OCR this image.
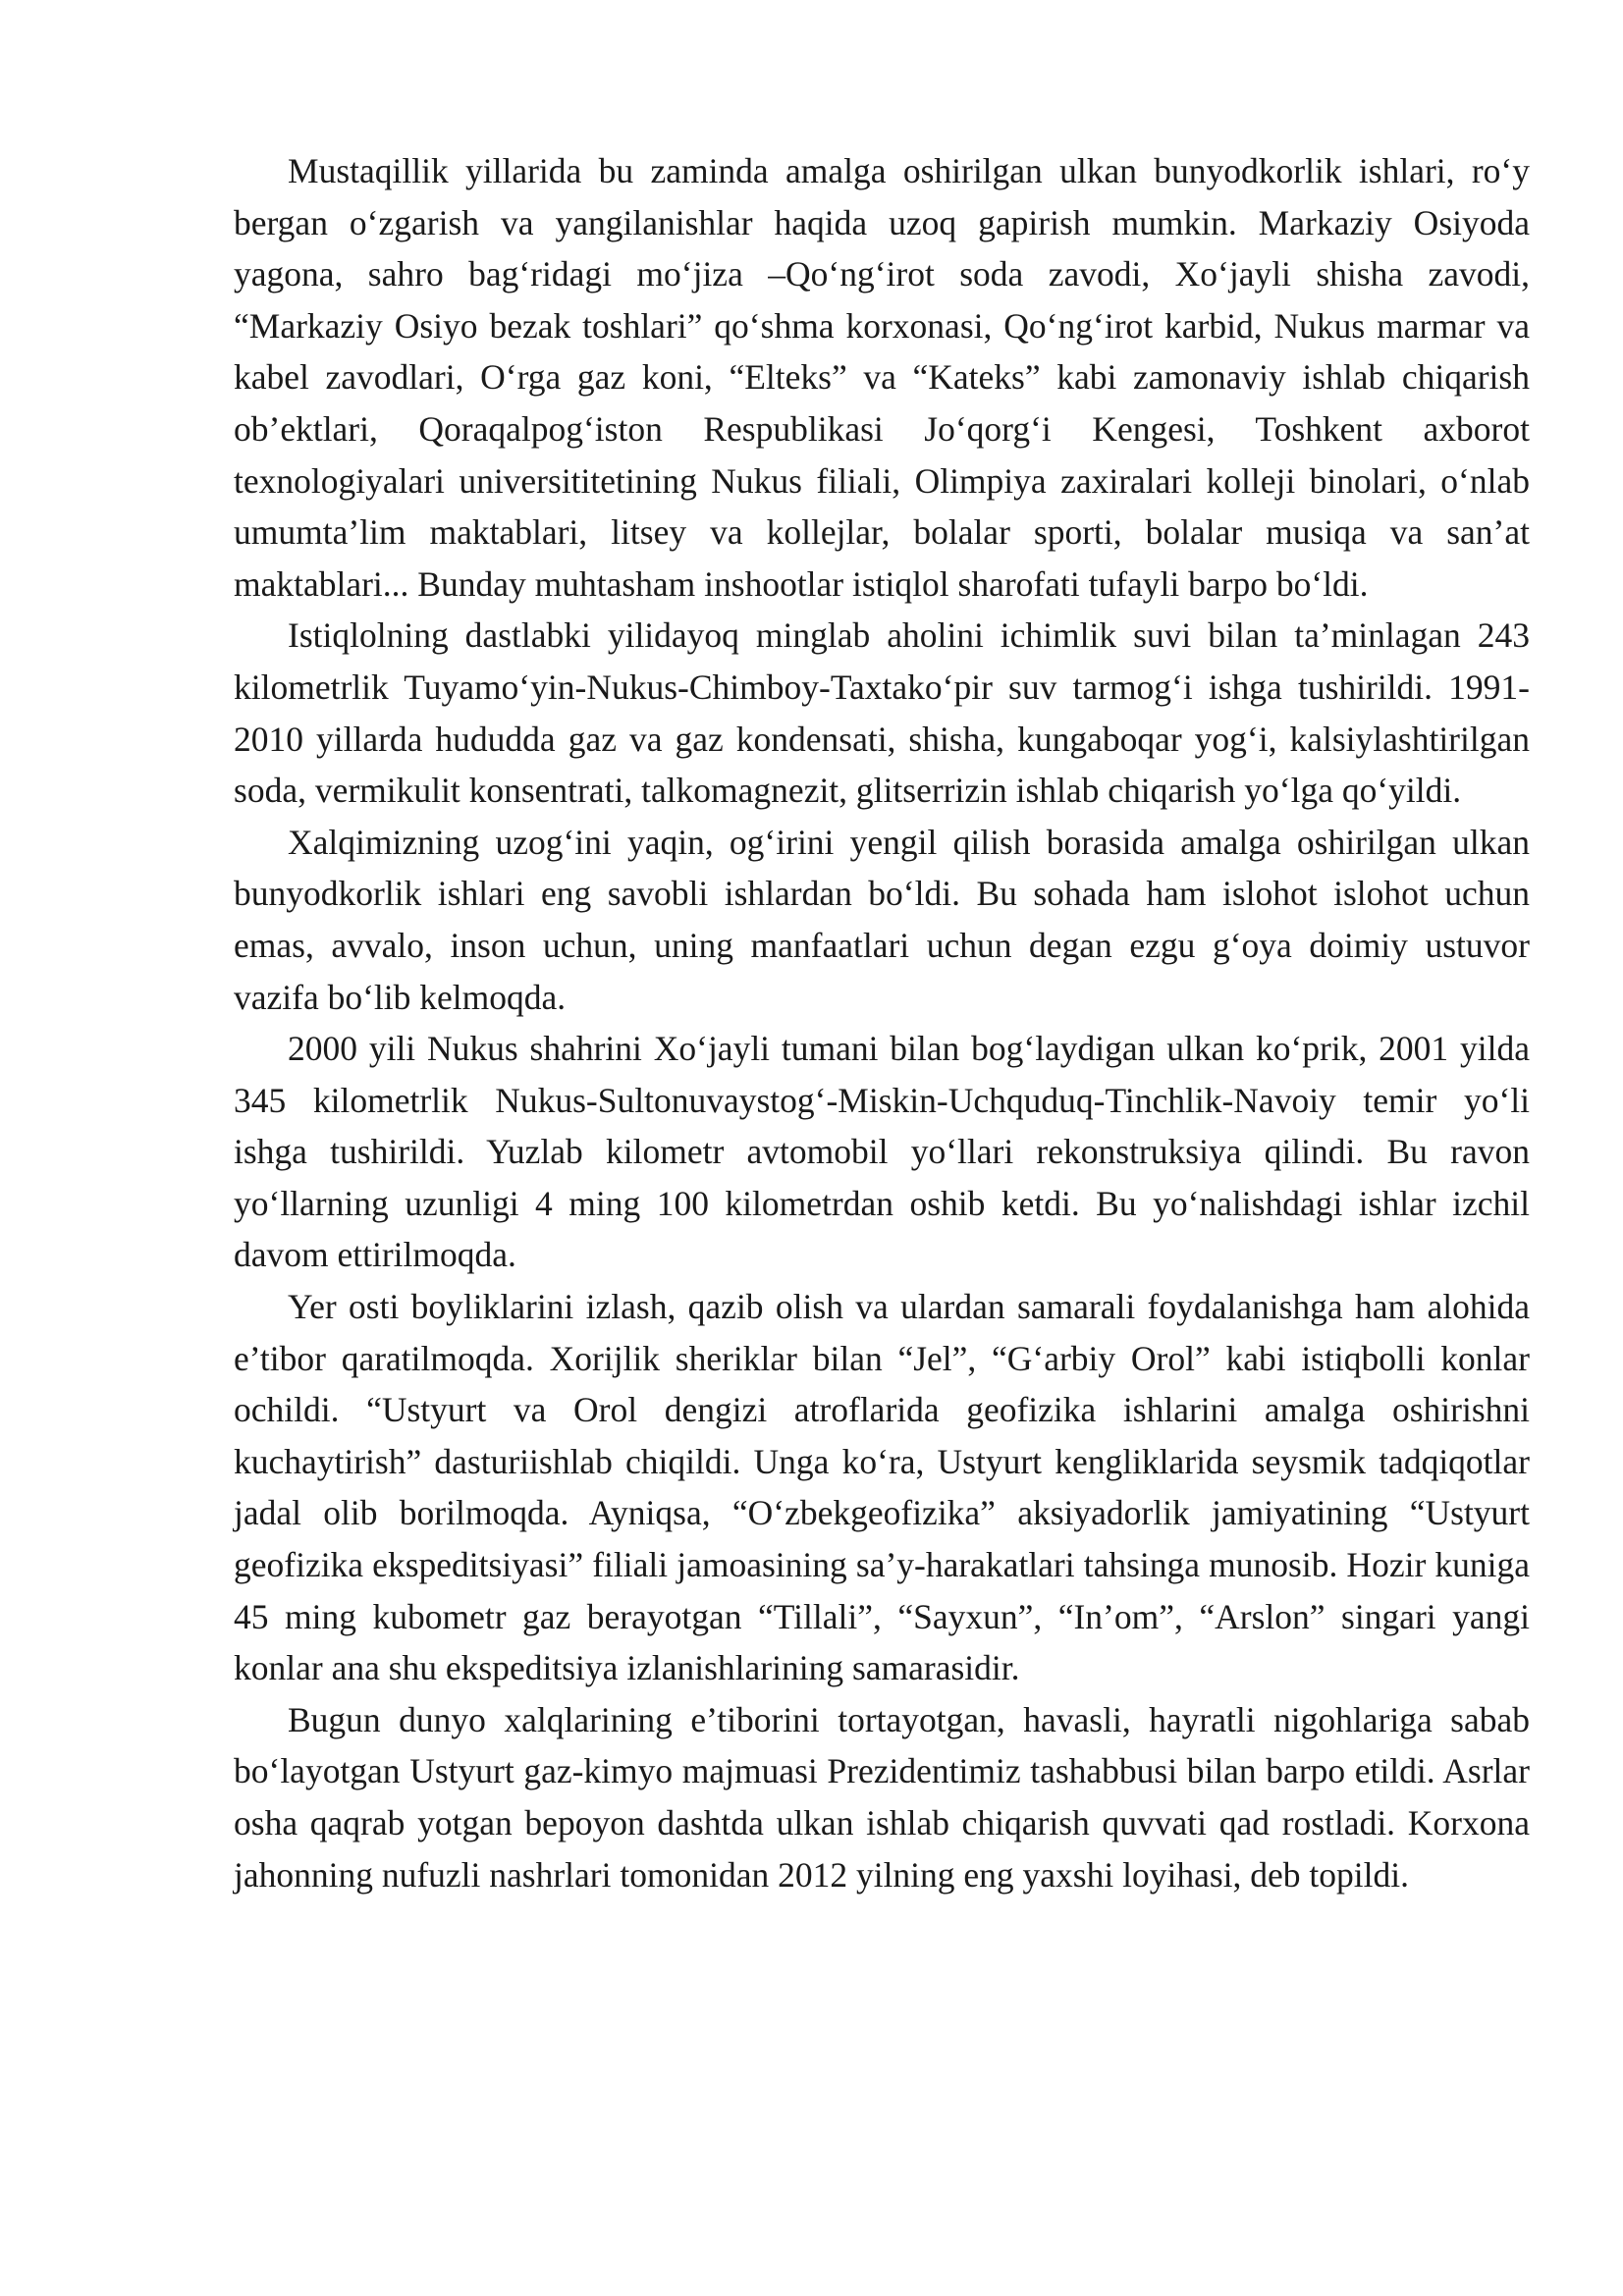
Mustaqillik yillarida bu zaminda amalga oshirilgan ulkan bunyodkorlik ishlari, ro‘y bergan o‘zgarish va yangilanishlar haqida uzoq gapirish mumkin. Markaziy Osiyoda yagona, sahro bag‘ridagi mo‘jiza –Qo‘ng‘irot soda zavodi, Xo‘jayli shisha zavodi, “Markaziy Osiyo bezak toshlari” qo‘shma korxonasi, Qo‘ng‘irot karbid, Nukus marmar va kabel zavodlari, O‘rga gaz koni, “Elteks” va “Kateks” kabi zamonaviy ishlab chiqarish ob’ektlari, Qoraqalpog‘iston Respublikasi Jo‘qorg‘i Kengesi, Toshkent axborot texnologiyalari universititetining Nukus filiali, Olimpiya zaxiralari kolleji binolari, o‘nlab umumta’lim maktablari, litsey va kollejlar, bolalar sporti, bolalar musiqa va san’at maktablari... Bunday muhtasham inshootlar istiqlol sharofati tufayli barpo bo‘ldi.

Istiqlolning dastlabki yilidayoq minglab aholini ichimlik suvi bilan ta’minlagan 243 kilometrlik Tuyamo‘yin-Nukus-Chimboy-Taxtako‘pir suv tarmog‘i ishga tushirildi. 1991-2010 yillarda hududda gaz va gaz kondensati, shisha, kungaboqar yog‘i, kalsiylashtirilgan soda, vermikulit konsentrati, talkomagnezit, glitserrizin ishlab chiqarish yo‘lga qo‘yildi.

Xalqimizning uzog‘ini yaqin, og‘irini yengil qilish borasida amalga oshirilgan ulkan bunyodkorlik ishlari eng savobli ishlardan bo‘ldi. Bu sohada ham islohot islohot uchun emas, avvalo, inson uchun, uning manfaatlari uchun degan ezgu g‘oya doimiy ustuvor vazifa bo‘lib kelmoqda.

2000 yili Nukus shahrini Xo‘jayli tumani bilan bog‘laydigan ulkan ko‘prik, 2001 yilda 345 kilometrlik Nukus-Sultonuvaystog‘-Miskin-Uchquduq-Tinchlik-Navoiy temir yo‘li ishga tushirildi. Yuzlab kilometr avtomobil yo‘llari rekonstruksiya qilindi. Bu ravon yo‘llarning uzunligi 4 ming 100 kilometrdan oshib ketdi. Bu yo‘nalishdagi ishlar izchil davom ettirilmoqda.

Yer osti boyliklarini izlash, qazib olish va ulardan samarali foydalanishga ham alohida e’tibor qaratilmoqda. Xorijlik sheriklar bilan “Jel”, “G‘arbiy Orol” kabi istiqbolli konlar ochildi. “Ustyurt va Orol dengizi atroflarida geofizika ishlarini amalga oshirishni kuchaytirish” dasturiishlab chiqildi. Unga ko‘ra, Ustyurt kengliklarida seysmik tadqiqotlar jadal olib borilmoqda. Ayniqsa, “O‘zbekgeofizika” aksiyadorlik jamiyatining “Ustyurt geofizika ekspeditsiyasi” filiali jamoasining sa’y-harakatlari tahsinga munosib. Hozir kuniga 45 ming kubometr gaz berayotgan “Tillali”, “Sayxun”, “In’om”, “Arslon” singari yangi konlar ana shu ekspeditsiya izlanishlarining samarasidir.

Bugun dunyo xalqlarining e’tiborini tortayotgan, havasli, hayratli nigohlariga sabab bo‘layotgan Ustyurt gaz-kimyo majmuasi Prezidentimiz tashabbusi bilan barpo etildi. Asrlar osha qaqrab yotgan bepoyon dashtda ulkan ishlab chiqarish quvvati qad rostladi. Korxona jahonning nufuzli nashrlari tomonidan 2012 yilning eng yaxshi loyihasi, deb topildi.
